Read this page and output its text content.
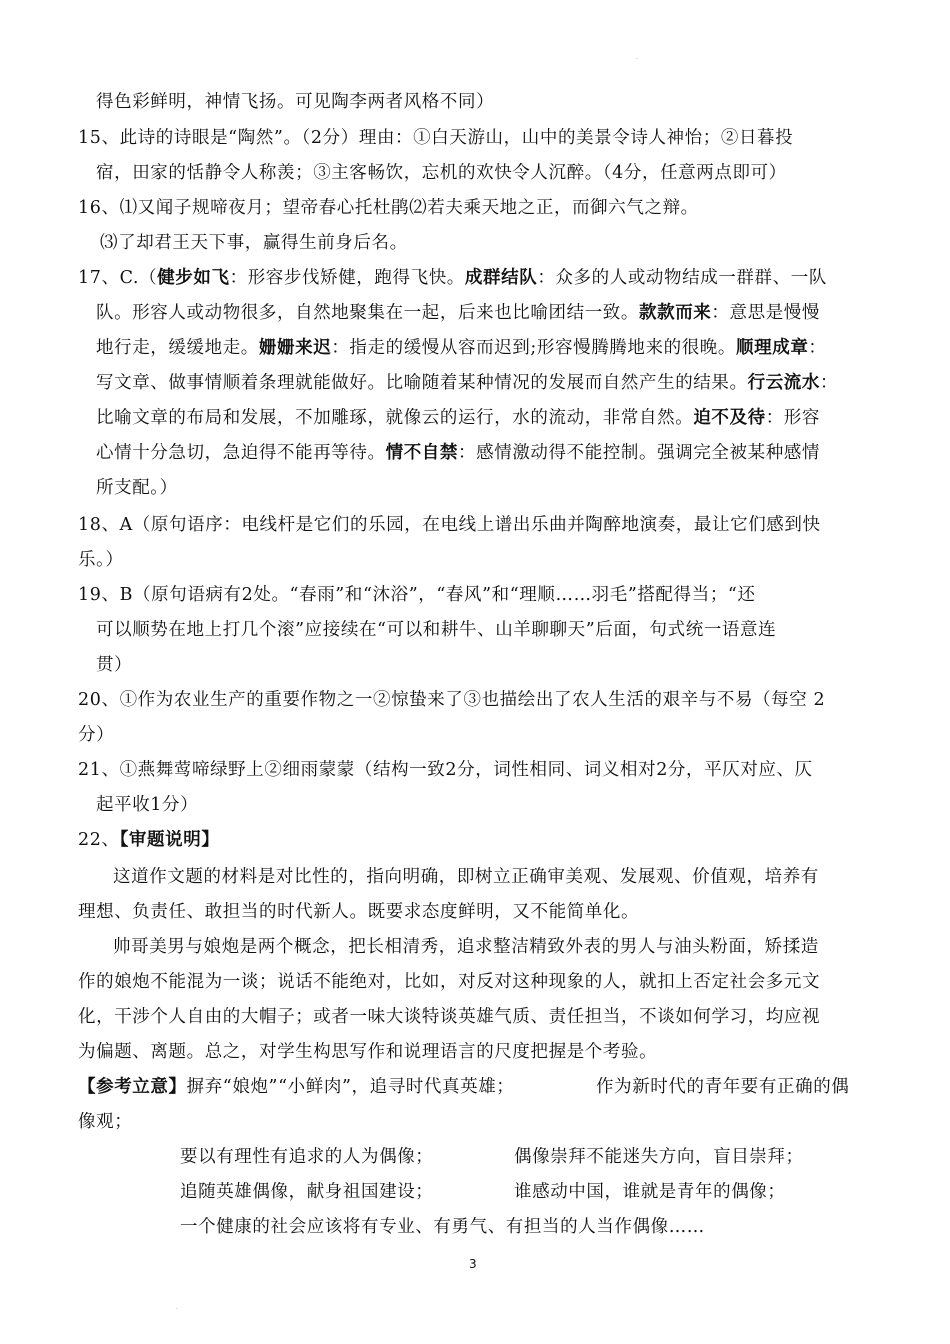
·
得色彩鲜明，神情飞扬。可见陶李两者风格不同）
15、此诗的诗眼是“陶然”。（2分）理由：①白天游山，山中的美景令诗人神怡；②日暮投
宿，田家的恬静令人称羡；③主客畅饮，忘机的欢快令人沉醉。（4分，任意两点即可）
16、⑴又闻子规啼夜月；望帝春心托杜鹃⑵若夫乘天地之正，而御六气之辩。
⑶了却君王天下事，赢得生前身后名。
17、C.（健步如飞：形容步伐矫健，跑得飞快。成群结队：众多的人或动物结成一群群、一队
队。形容人或动物很多，自然地聚集在一起，后来也比喻团结一致。款款而来：意思是慢慢
地行走，缓缓地走。姗姗来迟：指走的缓慢从容而迟到;形容慢腾腾地来的很晚。顺理成章：
写文章、做事情顺着条理就能做好。比喻随着某种情况的发展而自然产生的结果。行云流水：
比喻文章的布局和发展，不加雕琢，就像云的运行，水的流动，非常自然。迫不及待：形容
心情十分急切，急迫得不能再等待。情不自禁：感情激动得不能控制。强调完全被某种感情
所支配。）
18、A（原句语序：电线杆是它们的乐园，在电线上谱出乐曲并陶醉地演奏，最让它们感到快
乐。）
19、B（原句语病有2处。“春雨”和“沐浴”，“春风”和“理顺……羽毛”搭配得当；“还
可以顺势在地上打几个滚”应接续在“可以和耕牛、山羊聊聊天”后面，句式统一语意连
贯）
20、①作为农业生产的重要作物之一②惊蛰来了③也描绘出了农人生活的艰辛与不易（每空 2
分）
21、①燕舞莺啼绿野上②细雨蒙蒙（结构一致2分，词性相同、词义相对2分，平仄对应、仄
起平收1分）
22、【审题说明】
这道作文题的材料是对比性的，指向明确，即树立正确审美观、发展观、价值观，培养有
理想、负责任、敢担当的时代新人。既要求态度鲜明，又不能简单化。
帅哥美男与娘炮是两个概念，把长相清秀，追求整洁精致外表的男人与油头粉面，矫揉造
作的娘炮不能混为一谈；说话不能绝对，比如，对反对这种现象的人，就扣上否定社会多元文
化，干涉个人自由的大帽子；或者一味大谈特谈英雄气质、责任担当，不谈如何学习，均应视
为偏题、离题。总之，对学生构思写作和说理语言的尺度把握是个考验。
【参考立意】摒弃“娘炮”“小鲜肉”，追寻时代真英雄；	作为新时代的青年要有正确的偶
像观；
要以有理性有追求的人为偶像；	偶像崇拜不能迷失方向，盲目崇拜；
追随英雄偶像，献身祖国建设；	谁感动中国，谁就是青年的偶像；
一个健康的社会应该将有专业、有勇气、有担当的人当作偶像……
3
·
